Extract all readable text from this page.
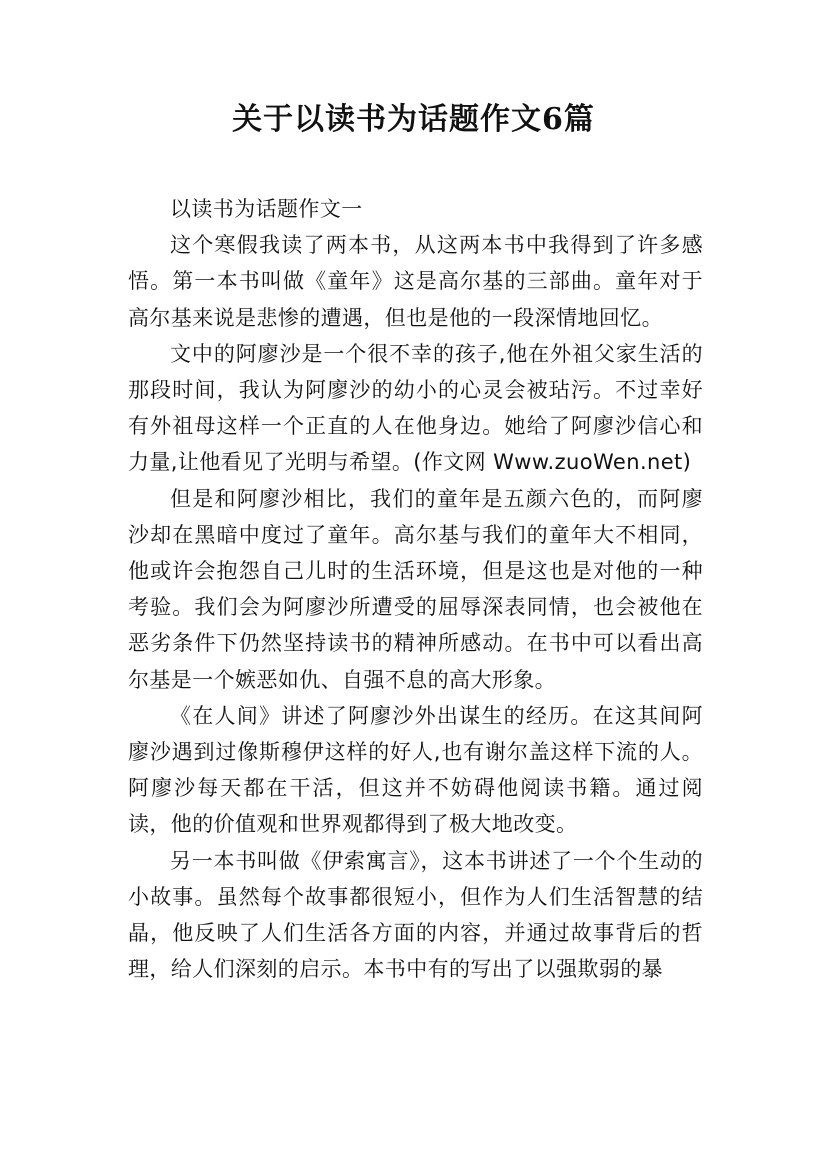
关于以读书为话题作文6篇

以读书为话题作文一

这个寒假我读了两本书，从这两本书中我得到了许多感悟。第一本书叫做《童年》这是高尔基的三部曲。童年对于高尔基来说是悲惨的遭遇，但也是他的一段深情地回忆。

文中的阿廖沙是一个很不幸的孩子,他在外祖父家生活的那段时间，我认为阿廖沙的幼小的心灵会被玷污。不过幸好有外祖母这样一个正直的人在他身边。她给了阿廖沙信心和力量,让他看见了光明与希望。(作文网 Www.zuoWen.net)

但是和阿廖沙相比，我们的童年是五颜六色的，而阿廖沙却在黑暗中度过了童年。高尔基与我们的童年大不相同，他或许会抱怨自己儿时的生活环境，但是这也是对他的一种考验。我们会为阿廖沙所遭受的屈辱深表同情，也会被他在恶劣条件下仍然坚持读书的精神所感动。在书中可以看出高尔基是一个嫉恶如仇、自强不息的高大形象。

《在人间》讲述了阿廖沙外出谋生的经历。在这其间阿廖沙遇到过像斯穆伊这样的好人,也有谢尔盖这样下流的人。阿廖沙每天都在干活，但这并不妨碍他阅读书籍。通过阅读，他的价值观和世界观都得到了极大地改变。

另一本书叫做《伊索寓言》，这本书讲述了一个个生动的小故事。虽然每个故事都很短小，但作为人们生活智慧的结晶，他反映了人们生活各方面的内容，并通过故事背后的哲理，给人们深刻的启示。本书中有的写出了以强欺弱的暴
